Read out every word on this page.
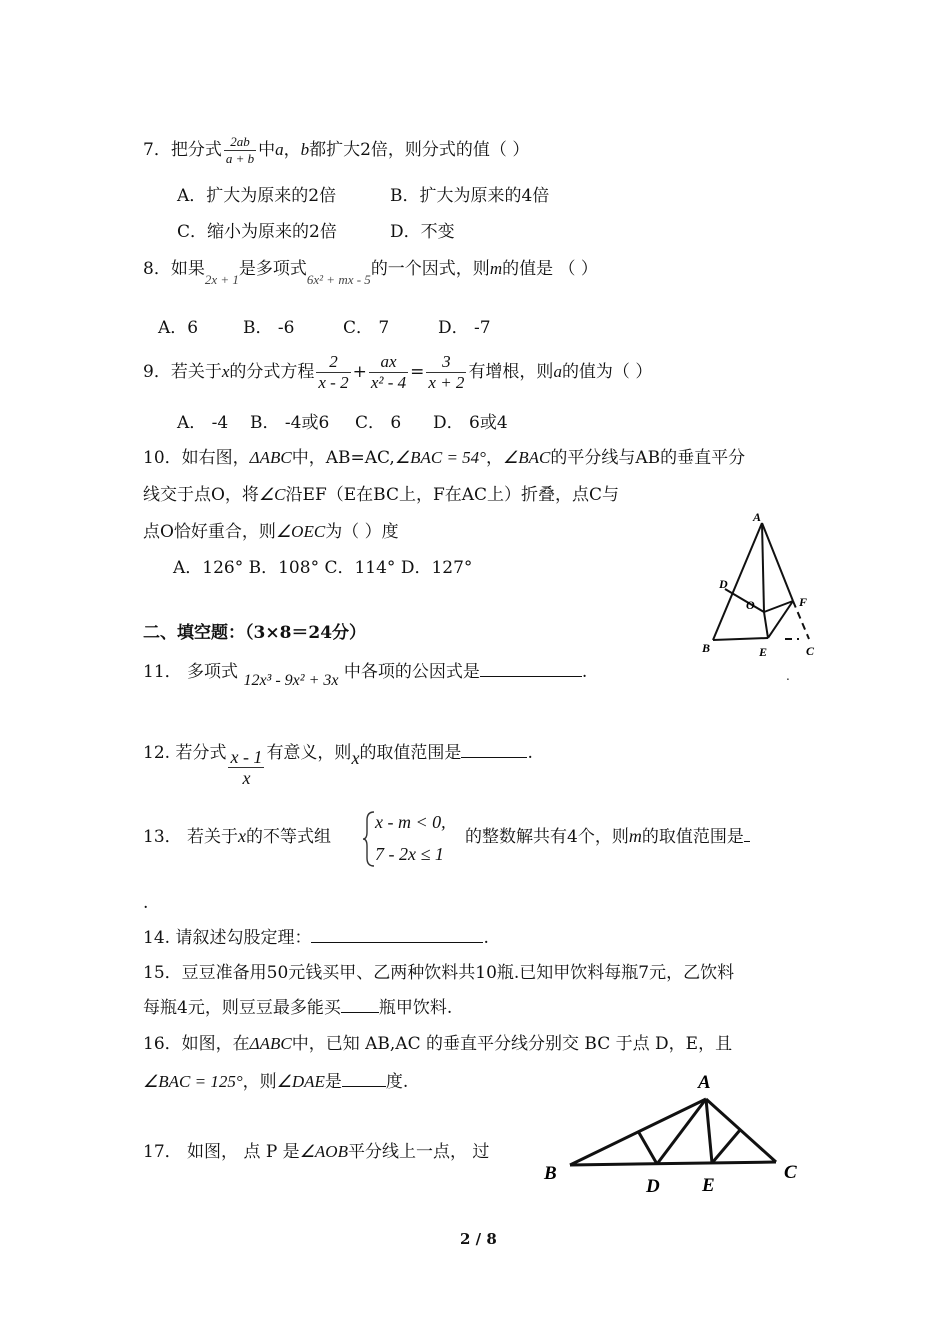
7．把分式 $\frac{2ab}{a + b}$ 中a，b都扩大2倍，则分式的值（ ）
A．扩大为原来的2倍	B．扩大为原来的4倍
C．缩小为原来的2倍	D．不变
8．如果$_{2x + 1}$是多项式$_{6x^2 + mx - 5}$的一个因式，则m的值是 （ ）
A．6	B． -6	C． 7	D． -7
9．若关于x的分式方程 $\frac{2}{x - 2} + \frac{ax}{\text{x² - 4}} = \frac{3}{x + 2}$ 有增根，则a的值为（ ）
A． -4 B． -4或6 C． 6 D． 6或4
10．如右图，ΔABC中，AB=AC,∠BAC = 54°，∠BAC的平分线与AB的垂直平分
线交于点O，将∠C沿EF（E在BC上，F在AC上）折叠，点C与
点O恰好重合，则∠OEC为（ ）度
A．126° B．108° C．114° D．127°
A
D
O	F
B	E	C
二、填空题：（3×8＝24分）
11． 多项式 12x³ - 9x² + 3x 中各项的公因式是	.	.
12. 若分式 $\frac{x - 1}{x}$ 有意义，则x的取值范围是	.
13． 若关于x的不等式组
x - m < 0,
7 - 2x ≤ 1
的整数解共有4个，则m的取值范围是
.
14. 请叙述勾股定理：	.
15．豆豆准备用50元钱买甲、乙两种饮料共10瓶.已知甲饮料每瓶7元，乙饮料
每瓶4元，则豆豆最多能买 瓶甲饮料.
16．如图，在ΔABC中，已知 AB,AC 的垂直平分线分别交 BC 于点 D，E，且
∠BAC = 125°，则∠DAE是	度.	A
B
D E
C
17． 如图， 点 P 是∠AOB平分线上一点， 过
2 / 8
